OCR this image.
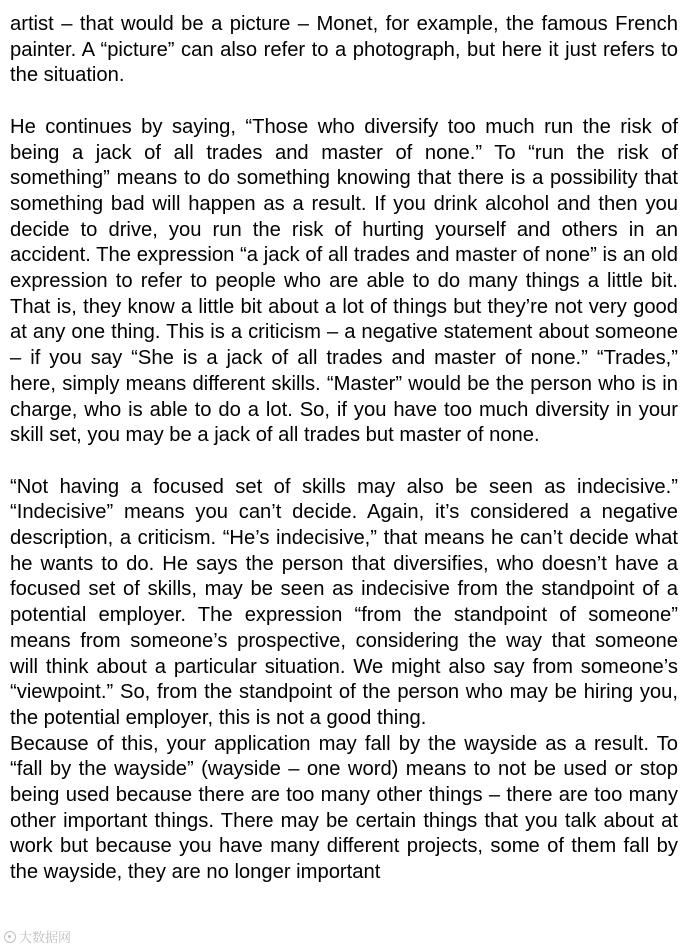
artist – that would be a picture – Monet, for example, the famous French painter. A “picture” can also refer to a photograph, but here it just refers to the situation.

He continues by saying, “Those who diversify too much run the risk of being a jack of all trades and master of none.” To “run the risk of something” means to do something knowing that there is a possibility that something bad will happen as a result. If you drink alcohol and then you decide to drive, you run the risk of hurting yourself and others in an accident. The expression “a jack of all trades and master of none” is an old expression to refer to people who are able to do many things a little bit. That is, they know a little bit about a lot of things but they’re not very good at any one thing. This is a criticism – a negative statement about someone – if you say “She is a jack of all trades and master of none.” “Trades,” here, simply means different skills. “Master” would be the person who is in charge, who is able to do a lot. So, if you have too much diversity in your skill set, you may be a jack of all trades but master of none.

“Not having a focused set of skills may also be seen as indecisive.” “Indecisive” means you can’t decide. Again, it’s considered a negative description, a criticism. “He’s indecisive,” that means he can’t decide what he wants to do. He says the person that diversifies, who doesn’t have a focused set of skills, may be seen as indecisive from the standpoint of a potential employer. The expression “from the standpoint of someone” means from someone’s prospective, considering the way that someone will think about a particular situation. We might also say from someone’s “viewpoint.” So, from the standpoint of the person who may be hiring you, the potential employer, this is not a good thing.

Because of this, your application may fall by the wayside as a result. To “fall by the wayside” (wayside – one word) means to not be used or stop being used because there are too many other things – there are too many other important things. There may be certain things that you talk about at work but because you have many different projects, some of them fall by the wayside, they are no longer important

大数据网
